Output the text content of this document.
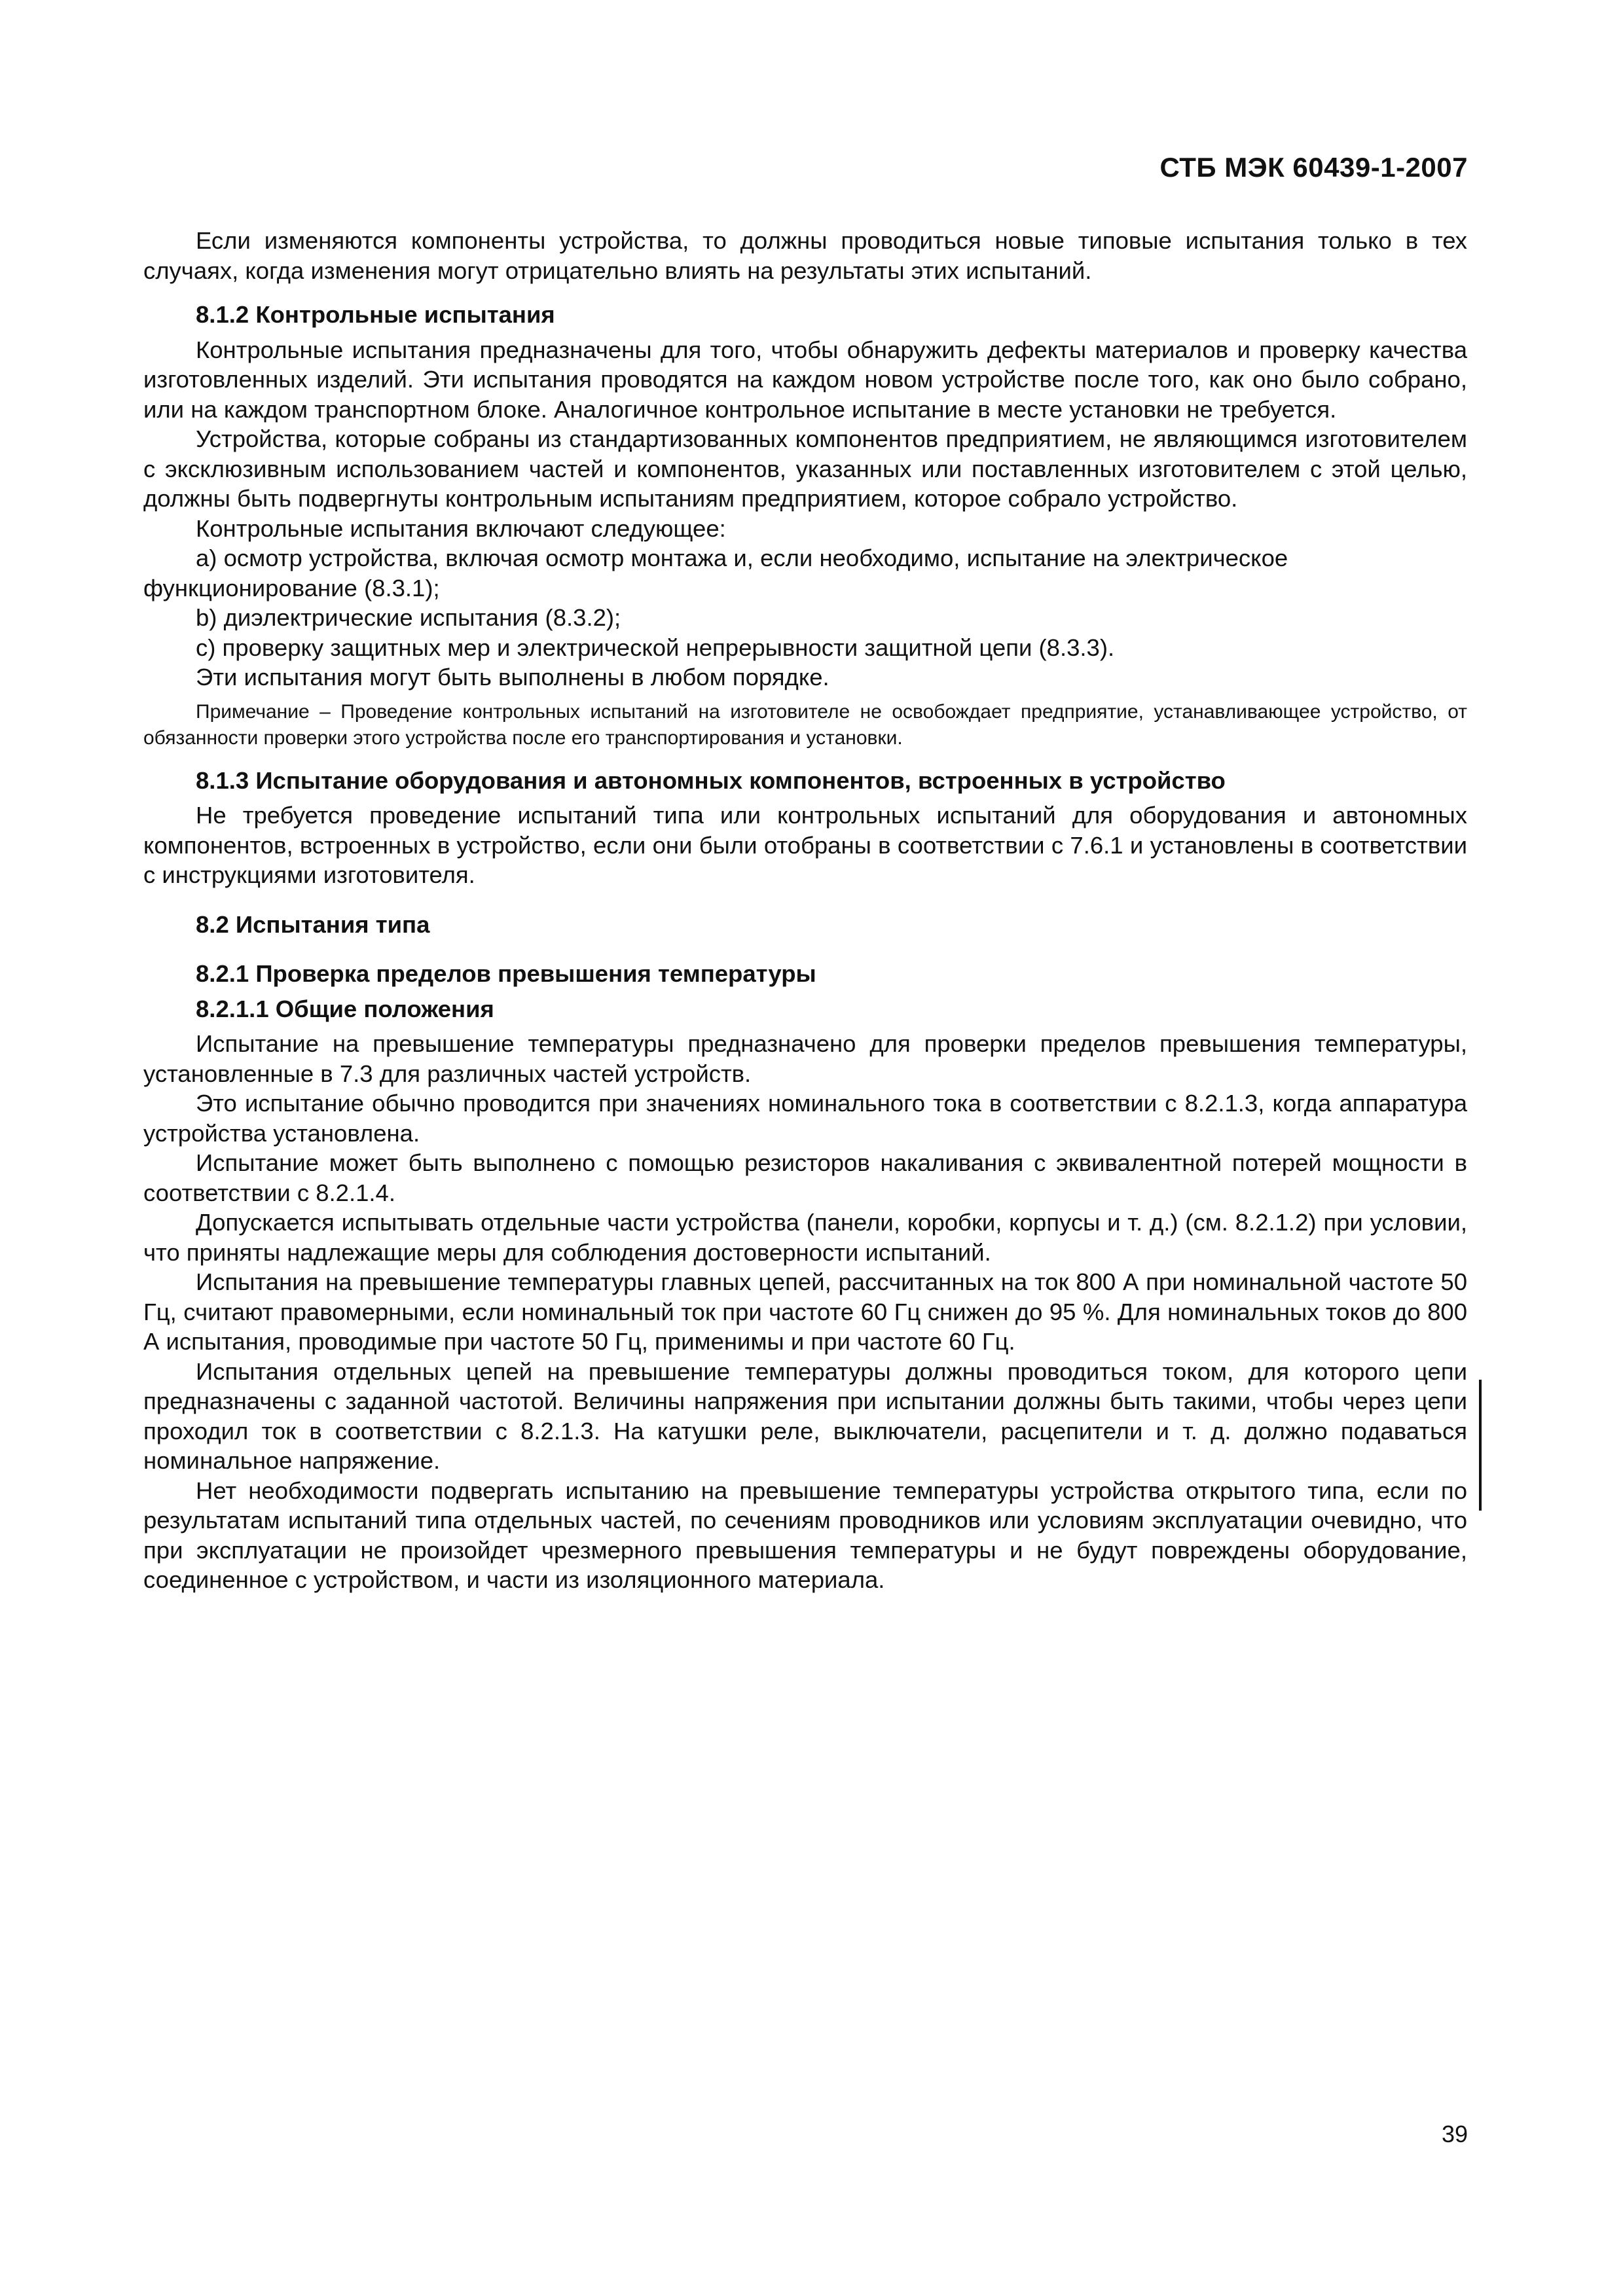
СТБ МЭК 60439-1-2007

Если изменяются компоненты устройства, то должны проводиться новые типовые испытания только в тех случаях, когда изменения могут отрицательно влиять на результаты этих испытаний.

8.1.2 Контрольные испытания

Контрольные испытания предназначены для того, чтобы обнаружить дефекты материалов и проверку качества изготовленных изделий. Эти испытания проводятся на каждом новом устройстве после того, как оно было собрано, или на каждом транспортном блоке. Аналогичное контрольное испытание в месте установки не требуется.

Устройства, которые собраны из стандартизованных компонентов предприятием, не являющимся изготовителем с эксклюзивным использованием частей и компонентов, указанных или поставленных изготовителем с этой целью, должны быть подвергнуты контрольным испытаниям предприятием, которое собрало устройство.

Контрольные испытания включают следующее:

a) осмотр устройства, включая осмотр монтажа и, если необходимо, испытание на электрическое функционирование (8.3.1);

b) диэлектрические испытания (8.3.2);

c) проверку защитных мер и электрической непрерывности защитной цепи (8.3.3).

Эти испытания могут быть выполнены в любом порядке.

Примечание – Проведение контрольных испытаний на изготовителе не освобождает предприятие, устанавливающее устройство, от обязанности проверки этого устройства после его транспортирования и установки.

8.1.3 Испытание оборудования и автономных компонентов, встроенных в устройство

Не требуется проведение испытаний типа или контрольных испытаний для оборудования и автономных компонентов, встроенных в устройство, если они были отобраны в соответствии с 7.6.1 и установлены в соответствии с инструкциями изготовителя.

8.2 Испытания типа

8.2.1 Проверка пределов превышения температуры

8.2.1.1 Общие положения

Испытание на превышение температуры предназначено для проверки пределов превышения температуры, установленные в 7.3 для различных частей устройств.

Это испытание обычно проводится при значениях номинального тока в соответствии с 8.2.1.3, когда аппаратура устройства установлена.

Испытание может быть выполнено с помощью резисторов накаливания с эквивалентной потерей мощности в соответствии с 8.2.1.4.

Допускается испытывать отдельные части устройства (панели, коробки, корпусы и т. д.) (см. 8.2.1.2) при условии, что приняты надлежащие меры для соблюдения достоверности испытаний.

Испытания на превышение температуры главных цепей, рассчитанных на ток 800 А при номинальной частоте 50 Гц, считают правомерными, если номинальный ток при частоте 60 Гц снижен до 95 %. Для номинальных токов до 800 А испытания, проводимые при частоте 50 Гц, применимы и при частоте 60 Гц.

Испытания отдельных цепей на превышение температуры должны проводиться током, для которого цепи предназначены с заданной частотой. Величины напряжения при испытании должны быть такими, чтобы через цепи проходил ток в соответствии с 8.2.1.3. На катушки реле, выключатели, расцепители и т. д. должно подаваться номинальное напряжение.

Нет необходимости подвергать испытанию на превышение температуры устройства открытого типа, если по результатам испытаний типа отдельных частей, по сечениям проводников или условиям эксплуатации очевидно, что при эксплуатации не произойдет чрезмерного превышения температуры и не будут повреждены оборудование, соединенное с устройством, и части из изоляционного материала.

39
